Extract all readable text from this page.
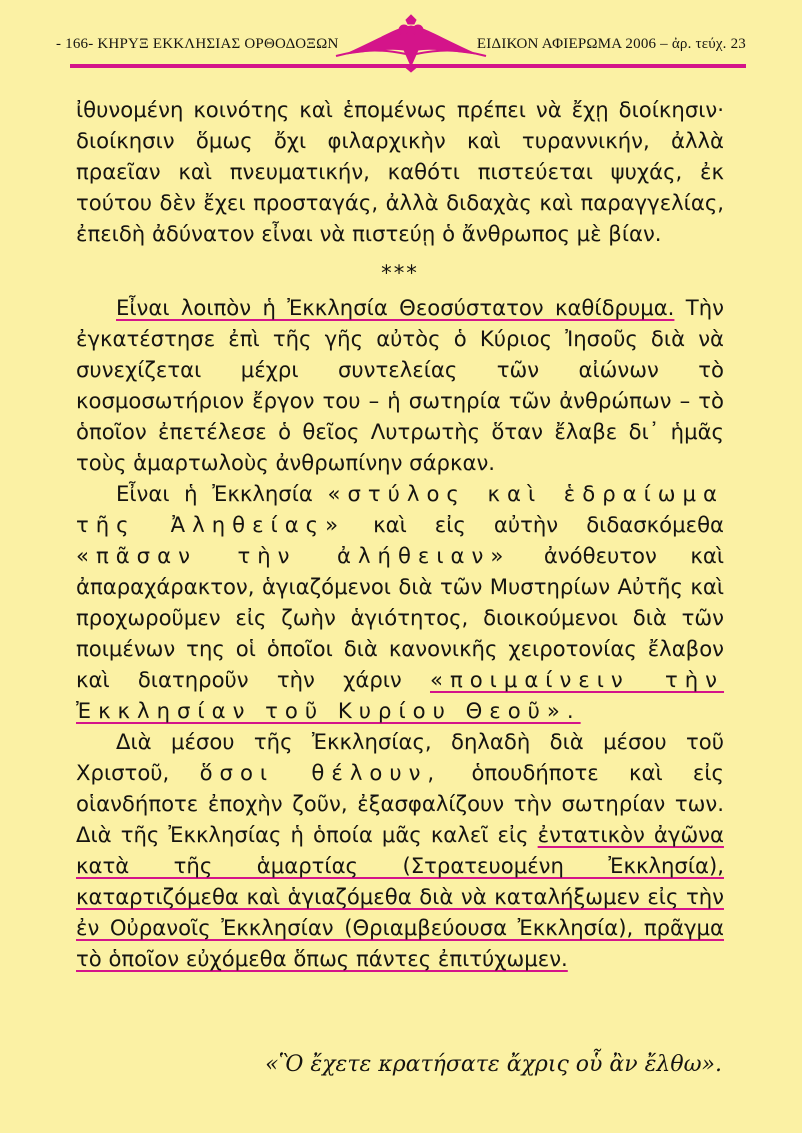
- 166- ΚΗΡΥΞ ΕΚΚΛΗΣΙΑΣ ΟΡΘΟΔΟΞΩΝ	ΕΙΔΙΚΟΝ ΑΦΙΕΡΩΜΑ 2006 – ἀρ. τεύχ. 23

ἰθυνομένη κοινότης καὶ ἑπομένως πρέπει νὰ ἔχῃ διοίκησιν· διοίκησιν ὅμως ὄχι φιλαρχικὴν καὶ τυραννικήν, ἀλλὰ πραεῖαν καὶ πνευματικήν, καθότι πιστεύεται ψυχάς, ἐκ τούτου δὲν ἔχει προσταγάς, ἀλλὰ διδαχὰς καὶ παραγγελίας, ἐπειδὴ ἀδύνατον εἶναι νὰ πιστεύῃ ὁ ἄνθρωπος μὲ βίαν.

***

Εἶναι λοιπὸν ἡ Ἐκκλησία Θεοσύστατον καθίδρυμα. Τὴν ἐγκατέστησε ἐπὶ τῆς γῆς αὐτὸς ὁ Κύριος Ἰησοῦς διὰ νὰ συνεχίζεται μέχρι συντελείας τῶν αἰώνων τὸ κοσμοσωτήριον ἔργον του – ἡ σωτηρία τῶν ἀνθρώπων – τὸ ὁποῖον ἐπετέλεσε ὁ θεῖος Λυτρωτὴς ὅταν ἔλαβε δι᾽ ἡμᾶς τοὺς ἁμαρτωλοὺς ἀνθρωπίνην σάρκαν.

Εἶναι ἡ Ἐκκλησία «στύλος καὶ ἑδραίωμα τῆς Ἀληθείας» καὶ εἰς αὐτὴν διδασκόμεθα «πᾶσαν τὴν ἀλήθειαν» ἀνόθευτον καὶ ἀπαραχάρακτον, ἁγιαζόμενοι διὰ τῶν Μυστηρίων Αὐτῆς καὶ προχωροῦμεν εἰς ζωὴν ἁγιότητος, διοικούμενοι διὰ τῶν ποιμένων της οἱ ὁποῖοι διὰ κανονικῆς χειροτονίας ἔλαβον καὶ διατηροῦν τὴν χάριν «ποιμαίνειν τὴν Ἐκκλησίαν τοῦ Κυρίου Θεοῦ».

Διὰ μέσου τῆς Ἐκκλησίας, δηλαδὴ διὰ μέσου τοῦ Χριστοῦ, ὅσοι θέλουν, ὁπουδήποτε καὶ εἰς οἱανδήποτε ἐποχὴν ζοῦν, ἐξασφαλίζουν τὴν σωτηρίαν των. Διὰ τῆς Ἐκκλησίας ἡ ὁποία μᾶς καλεῖ εἰς ἐντατικὸν ἀγῶνα κατὰ τῆς ἁμαρτίας (Στρατευομένη Ἐκκλησία), καταρτιζόμεθα καὶ ἁγιαζόμεθα διὰ νὰ καταλήξωμεν εἰς τὴν ἐν Οὐρανοῖς Ἐκκλησίαν (Θριαμβεύουσα Ἐκκλησία), πρᾶγμα τὸ ὁποῖον εὐχόμεθα ὅπως πάντες ἐπιτύχωμεν.

«Ὃ ἔχετε κρατήσατε ἄχρις οὗ ἂν ἔλθω».
